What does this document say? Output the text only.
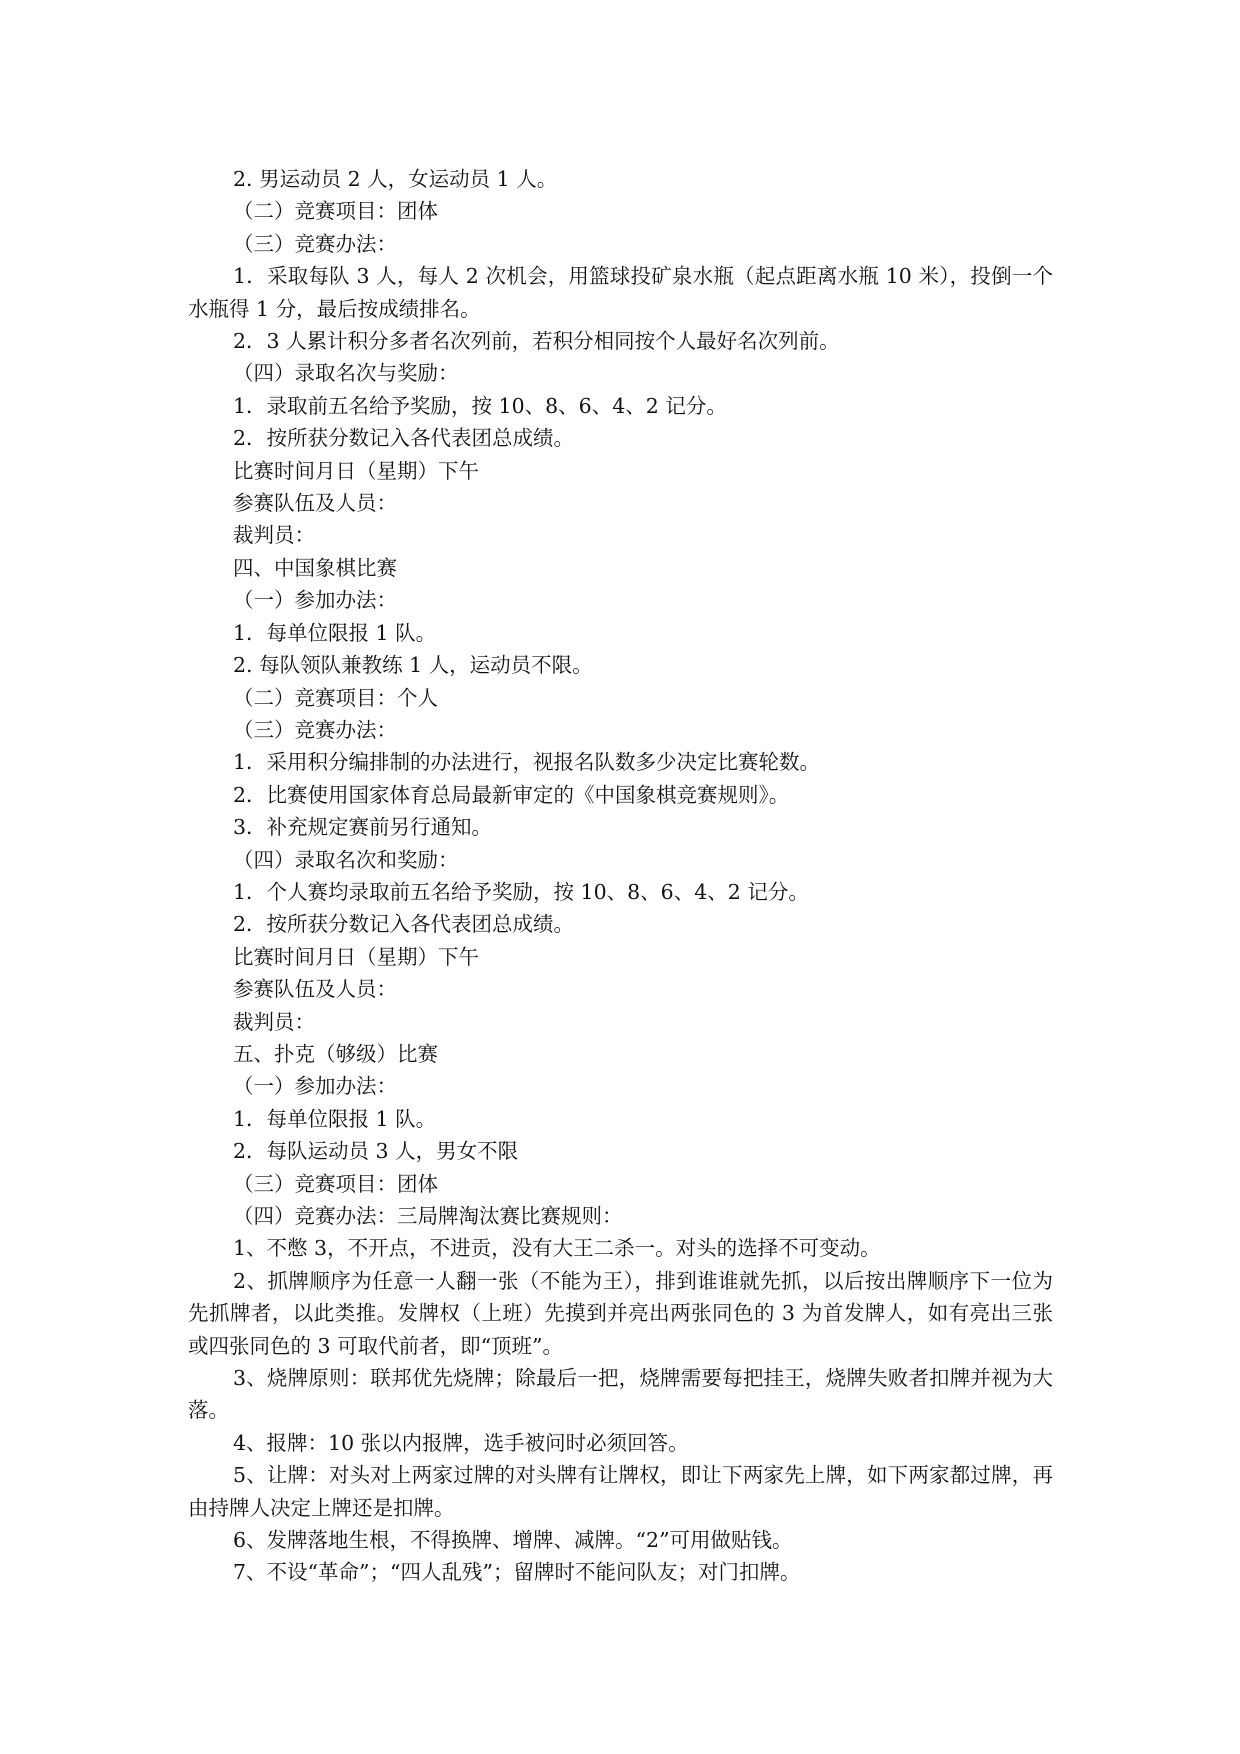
2. 男运动员 2 人，女运动员 1 人。

（二）竞赛项目：团体

（三）竞赛办法：

1．采取每队 3 人，每人 2 次机会，用篮球投矿泉水瓶（起点距离水瓶 10 米），投倒一个水瓶得 1 分，最后按成绩排名。

2．3 人累计积分多者名次列前，若积分相同按个人最好名次列前。

（四）录取名次与奖励：

1．录取前五名给予奖励，按 10、8、6、4、2 记分。

2．按所获分数记入各代表团总成绩。

比赛时间月日（星期）下午

参赛队伍及人员：

裁判员：

四、中国象棋比赛

（一）参加办法：

1．每单位限报 1 队。

2. 每队领队兼教练 1 人，运动员不限。

（二）竞赛项目：个人

（三）竞赛办法：

1．采用积分编排制的办法进行，视报名队数多少决定比赛轮数。

2．比赛使用国家体育总局最新审定的《中国象棋竞赛规则》。

3．补充规定赛前另行通知。

（四）录取名次和奖励：

1．个人赛均录取前五名给予奖励，按 10、8、6、4、2 记分。

2．按所获分数记入各代表团总成绩。

比赛时间月日（星期）下午

参赛队伍及人员：

裁判员：

五、扑克（够级）比赛

（一）参加办法：

1．每单位限报 1 队。

2．每队运动员 3 人，男女不限

（三）竞赛项目：团体

（四）竞赛办法：三局牌淘汰赛比赛规则：

1、不憋 3，不开点，不进贡，没有大王二杀一。对头的选择不可变动。

2、抓牌顺序为任意一人翻一张（不能为王），排到谁谁就先抓，以后按出牌顺序下一位为先抓牌者，以此类推。发牌权（上班）先摸到并亮出两张同色的 3 为首发牌人，如有亮出三张或四张同色的 3 可取代前者，即“顶班”。

3、烧牌原则：联邦优先烧牌；除最后一把，烧牌需要每把挂王，烧牌失败者扣牌并视为大落。

4、报牌：10 张以内报牌，选手被问时必须回答。

5、让牌：对头对上两家过牌的对头牌有让牌权，即让下两家先上牌，如下两家都过牌，再由持牌人决定上牌还是扣牌。

6、发牌落地生根，不得换牌、增牌、减牌。“2”可用做贴钱。

7、不设“革命”；“四人乱残”；留牌时不能问队友；对门扣牌。
